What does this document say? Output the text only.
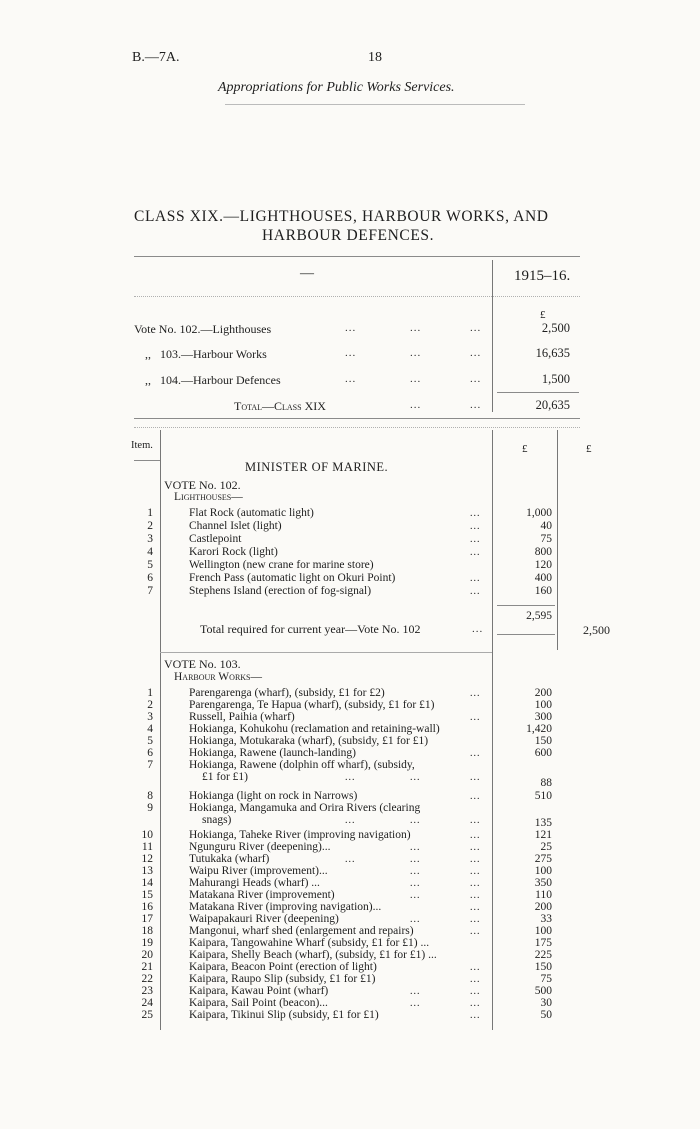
B.—7A.	18
Appropriations for Public Works Services.
CLASS XIX.—LIGHTHOUSES, HARBOUR WORKS, AND
HARBOUR DEFENCES.
—	1915–16.
£
Vote No. 102.—Lighthouses	...	...	...	2,500
,,   103.—Harbour Works	...	...	...	16,635
,,   104.—Harbour Defences	...	...	...	1,500
Total—Class XIX	...	...	20,635
Item.	£	£
MINISTER OF MARINE.
VOTE No. 102.
Lighthouses—
1	Flat Rock (automatic light)	...	1,000
2	Channel Islet (light)	...	40
3	Castlepoint	...	75
4	Karori Rock (light)	...	800
5	Wellington (new crane for marine store)	120
6	French Pass (automatic light on Okuri Point)	...	400
7	Stephens Island (erection of fog-signal)	...	160
2,595
Total required for current year—Vote No. 102	...	2,500
VOTE No. 103.
Harbour Works—
1	Parengarenga (wharf), (subsidy, £1 for £2)	...	200
2	Parengarenga, Te Hapua (wharf), (subsidy, £1 for £1)	100
3	Russell, Paihia (wharf)	...	300
4	Hokianga, Kohukohu (reclamation and retaining-wall)	1,420
5	Hokianga, Motukaraka (wharf), (subsidy, £1 for £1)	150
6	Hokianga, Rawene (launch-landing)	...	600
7	Hokianga, Rawene (dolphin off wharf), (subsidy,
£1 for £1)	...	...	...	88
8	Hokianga (light on rock in Narrows)	...	510
9	Hokianga, Mangamuka and Orira Rivers (clearing
snags)	...	...	...	135
10	Hokianga, Taheke River (improving navigation)	...	121
11	Ngunguru River (deepening)...	...	...	25
12	Tutukaka (wharf)	...	...	...	275
13	Waipu River (improvement)...	...	...	100
14	Mahurangi Heads (wharf) ...	...	...	350
15	Matakana River (improvement)	...	...	110
16	Matakana River (improving navigation)...	...	200
17	Waipapakauri River (deepening)	...	...	33
18	Mangonui, wharf shed (enlargement and repairs)	...	100
19	Kaipara, Tangowahine Wharf (subsidy, £1 for £1) ...	175
20	Kaipara, Shelly Beach (wharf), (subsidy, £1 for £1) ...	225
21	Kaipara, Beacon Point (erection of light)	...	150
22	Kaipara, Raupo Slip (subsidy, £1 for £1)	...	75
23	Kaipara, Kawau Point (wharf)	...	...	500
24	Kaipara, Sail Point (beacon)...	...	...	30
25	Kaipara, Tikinui Slip (subsidy, £1 for £1)	...	50
